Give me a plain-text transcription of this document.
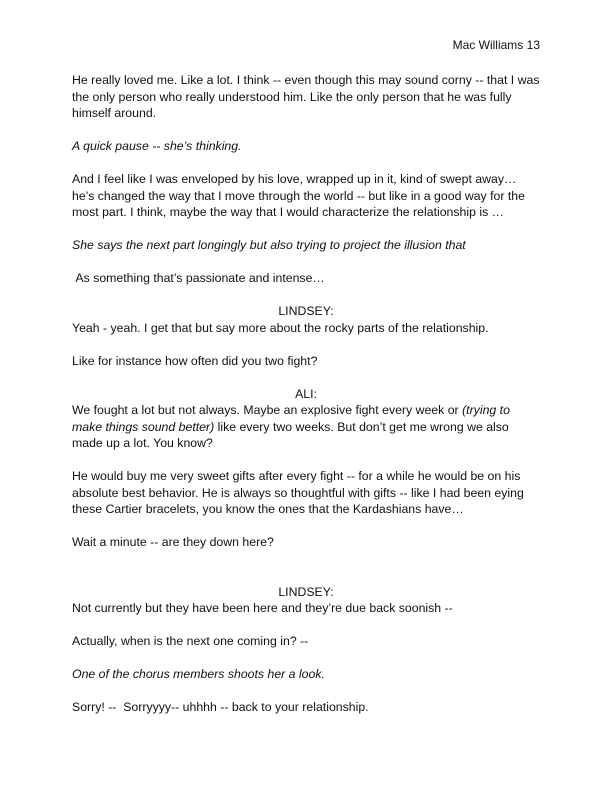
Mac Williams 13

He really loved me. Like a lot. I think -- even though this may sound corny -- that I was the only person who really understood him. Like the only person that he was fully himself around.

A quick pause -- she’s thinking.

And I feel like I was enveloped by his love, wrapped up in it, kind of swept away… he’s changed the way that I move through the world -- but like in a good way for the most part. I think, maybe the way that I would characterize the relationship is …

She says the next part longingly but also trying to project the illusion that

As something that’s passionate and intense…

LINDSEY:

Yeah - yeah. I get that but say more about the rocky parts of the relationship.

Like for instance how often did you two fight?

ALI:

We fought a lot but not always. Maybe an explosive fight every week or (trying to make things sound better) like every two weeks. But don’t get me wrong we also made up a lot. You know?

He would buy me very sweet gifts after every fight -- for a while he would be on his absolute best behavior. He is always so thoughtful with gifts -- like I had been eying these Cartier bracelets, you know the ones that the Kardashians have…

Wait a minute -- are they down here?

LINDSEY:

Not currently but they have been here and they’re due back soonish --

Actually, when is the next one coming in? --

One of the chorus members shoots her a look.

Sorry! --  Sorryyyy-- uhhhh -- back to your relationship.
